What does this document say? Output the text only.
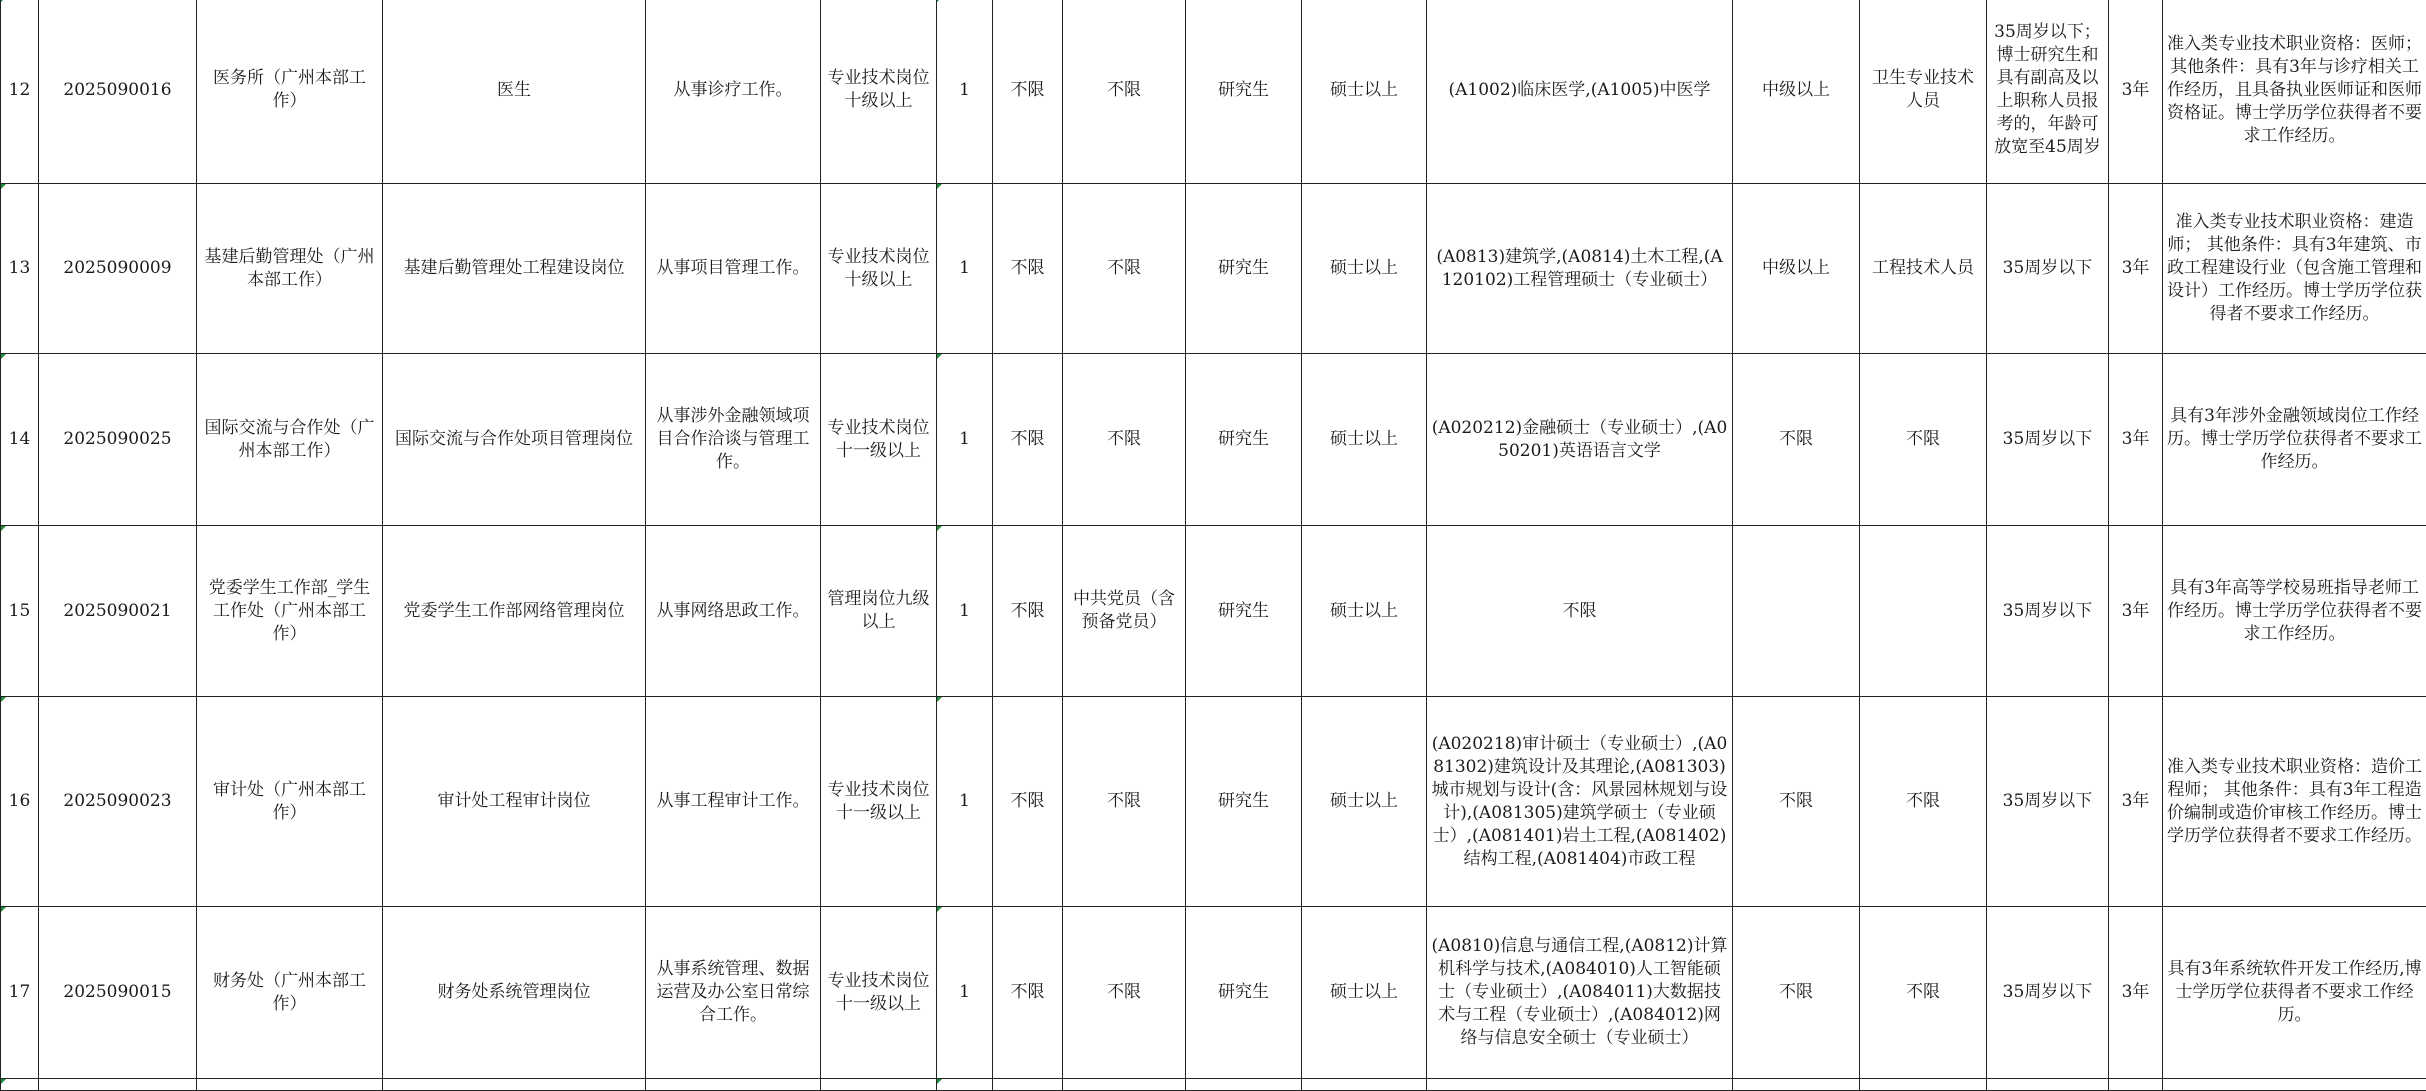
12	2025090016	医务所（广州本部工作）	医生	从事诊疗工作。	专业技术岗位十级以上	1	不限	不限	研究生	硕士以上	(A1002)临床医学,(A1005)中医学	中级以上	卫生专业技术人员	35周岁以下；博士研究生和具有副高及以上职称人员报考的，年龄可放宽至45周岁	3年	准入类专业技术职业资格：医师； 其他条件：具有3年与诊疗相关工作经历，且具备执业医师证和医师资格证。博士学历学位获得者不要求工作经历。
13	2025090009	基建后勤管理处（广州本部工作）	基建后勤管理处工程建设岗位	从事项目管理工作。	专业技术岗位十级以上	1	不限	不限	研究生	硕士以上	(A0813)建筑学,(A0814)土木工程,(A120102)工程管理硕士（专业硕士）	中级以上	工程技术人员	35周岁以下	3年	准入类专业技术职业资格：建造师； 其他条件：具有3年建筑、市政工程建设行业（包含施工管理和设计）工作经历。博士学历学位获得者不要求工作经历。
14	2025090025	国际交流与合作处（广州本部工作）	国际交流与合作处项目管理岗位	从事涉外金融领域项目合作洽谈与管理工作。	专业技术岗位十一级以上	1	不限	不限	研究生	硕士以上	(A020212)金融硕士（专业硕士）,(A050201)英语语言文学	不限	不限	35周岁以下	3年	具有3年涉外金融领域岗位工作经历。博士学历学位获得者不要求工作经历。
15	2025090021	党委学生工作部_学生工作处（广州本部工作）	党委学生工作部网络管理岗位	从事网络思政工作。	管理岗位九级以上	1	不限	中共党员（含预备党员）	研究生	硕士以上	不限			35周岁以下	3年	具有3年高等学校易班指导老师工作经历。博士学历学位获得者不要求工作经历。
16	2025090023	审计处（广州本部工作）	审计处工程审计岗位	从事工程审计工作。	专业技术岗位十一级以上	1	不限	不限	研究生	硕士以上	(A020218)审计硕士（专业硕士）,(A081302)建筑设计及其理论,(A081303)城市规划与设计(含：风景园林规划与设计),(A081305)建筑学硕士（专业硕士）,(A081401)岩土工程,(A081402)结构工程,(A081404)市政工程	不限	不限	35周岁以下	3年	准入类专业技术职业资格：造价工程师； 其他条件：具有3年工程造价编制或造价审核工作经历。博士学历学位获得者不要求工作经历。
17	2025090015	财务处（广州本部工作）	财务处系统管理岗位	从事系统管理、数据运营及办公室日常综合工作。	专业技术岗位十一级以上	1	不限	不限	研究生	硕士以上	(A0810)信息与通信工程,(A0812)计算机科学与技术,(A084010)人工智能硕士（专业硕士）,(A084011)大数据技术与工程（专业硕士）,(A084012)网络与信息安全硕士（专业硕士）	不限	不限	35周岁以下	3年	具有3年系统软件开发工作经历,博士学历学位获得者不要求工作经历。
